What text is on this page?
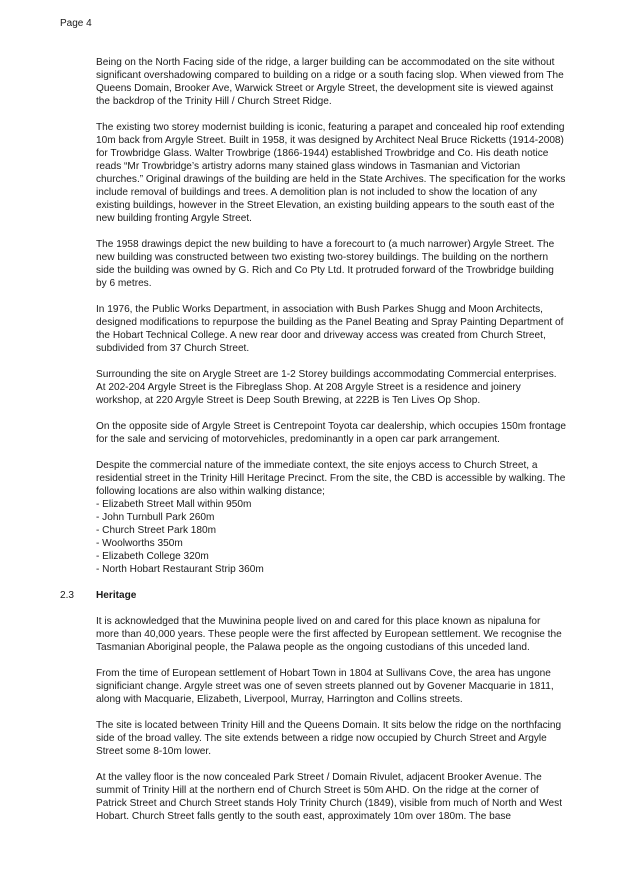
Page 4

Being on the North Facing side of the ridge, a larger building can be accommodated on the site without significant overshadowing compared to building on a ridge or a south facing slop. When viewed from The Queens Domain, Brooker Ave, Warwick Street or Argyle Street, the development site is viewed against the backdrop of the Trinity Hill / Church Street Ridge.

The existing two storey modernist building is iconic, featuring a parapet and concealed hip roof extending 10m back from Argyle Street. Built in 1958, it was designed by Architect Neal Bruce Ricketts (1914-2008) for Trowbridge Glass. Walter Trowbrige (1866-1944) established Trowbridge and Co. His death notice reads “Mr Trowbridge’s artistry adorns many stained glass windows in Tasmanian and Victorian churches.” Original drawings of the building are held in the State Archives. The specification for the works include removal of buildings and trees. A demolition plan is not included to show the location of any existing buildings, however in the Street Elevation, an existing building appears to the south east of the new building fronting Argyle Street.

The 1958 drawings depict the new building to have a forecourt to (a much narrower) Argyle Street. The new building was constructed between two existing two-storey buildings. The building on the northern side the building was owned by G. Rich and Co Pty Ltd. It protruded forward of the Trowbridge building by 6 metres.

In 1976, the Public Works Department, in association with Bush Parkes Shugg and Moon Architects, designed modifications to repurpose the building as the Panel Beating and Spray Painting Department of the Hobart Technical College. A new rear door and driveway access was created from Church Street, subdivided from 37 Church Street.

Surrounding the site on Arygle Street are 1-2 Storey buildings accommodating Commercial enterprises. At 202-204 Argyle Street is the Fibreglass Shop. At 208 Argyle Street is a residence and joinery workshop, at 220 Argyle Street is Deep South Brewing, at 222B is Ten Lives Op Shop.

On the opposite side of Argyle Street is Centrepoint Toyota car dealership, which occupies 150m frontage for the sale and servicing of motorvehicles, predominantly in a open car park arrangement.

Despite the commercial nature of the immediate context, the site enjoys access to Church Street, a residential street in the Trinity Hill Heritage Precinct. From the site, the CBD is accessible by walking. The following locations are also within walking distance;

- Elizabeth Street Mall within 950m
- John Turnbull Park 260m
- Church Street Park 180m
- Woolworths 350m
- Elizabeth College 320m
- North Hobart Restaurant Strip 360m
2.3 Heritage

It is acknowledged that the Muwinina people lived on and cared for this place known as nipaluna for more than 40,000 years. These people were the first affected by European settlement. We recognise the Tasmanian Aboriginal people, the Palawa people as the ongoing custodians of this unceded land.

From the time of European settlement of Hobart Town in 1804 at Sullivans Cove, the area has ungone significiant change. Argyle street was one of seven streets planned out by Govener Macquarie in 1811, along with Macquarie, Elizabeth, Liverpool, Murray, Harrington and Collins streets.

The site is located between Trinity Hill and the Queens Domain. It sits below the ridge on the northfacing side of the broad valley. The site extends between a ridge now occupied by Church Street and Argyle Street some 8-10m lower.

At the valley floor is the now concealed Park Street / Domain Rivulet, adjacent Brooker Avenue. The summit of Trinity Hill at the northern end of Church Street is 50m AHD. On the ridge at the corner of Patrick Street and Church Street stands Holy Trinity Church (1849), visible from much of North and West Hobart. Church Street falls gently to the south east, approximately 10m over 180m. The base
